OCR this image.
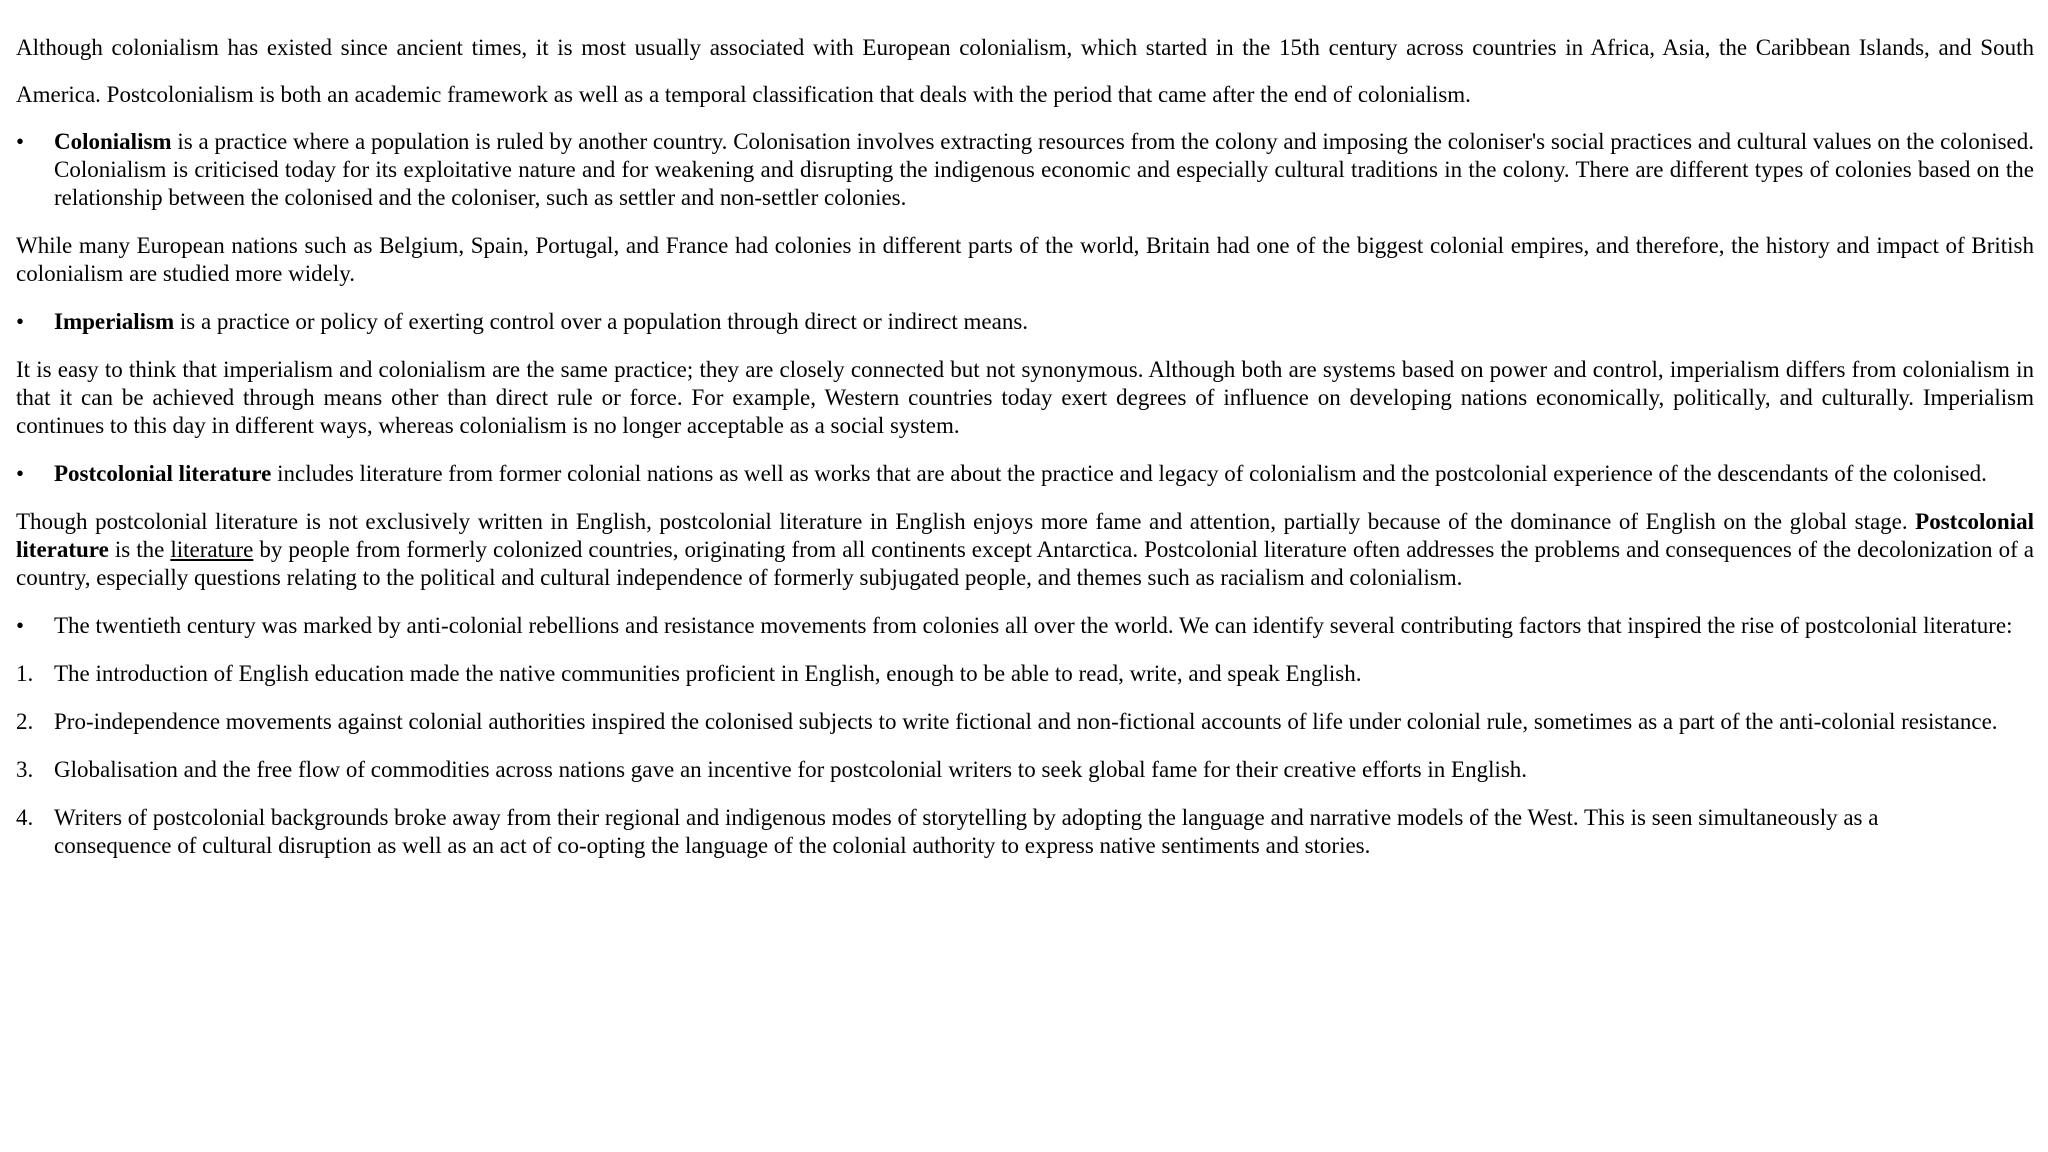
Although colonialism has existed since ancient times, it is most usually associated with European colonialism, which started in the 15th century across countries in Africa, Asia, the Caribbean Islands, and South America. Postcolonialism is both an academic framework as well as a temporal classification that deals with the period that came after the end of colonialism.
•	Colonialism is a practice where a population is ruled by another country. Colonisation involves extracting resources from the colony and imposing the coloniser's social practices and cultural values on the colonised. Colonialism is criticised today for its exploitative nature and for weakening and disrupting the indigenous economic and especially cultural traditions in the colony. There are different types of colonies based on the relationship between the colonised and the coloniser, such as settler and non-settler colonies.
While many European nations such as Belgium, Spain, Portugal, and France had colonies in different parts of the world, Britain had one of the biggest colonial empires, and therefore, the history and impact of British colonialism are studied more widely.
•	Imperialism is a practice or policy of exerting control over a population through direct or indirect means.
It is easy to think that imperialism and colonialism are the same practice; they are closely connected but not synonymous. Although both are systems based on power and control, imperialism differs from colonialism in that it can be achieved through means other than direct rule or force. For example, Western countries today exert degrees of influence on developing nations economically, politically, and culturally. Imperialism continues to this day in different ways, whereas colonialism is no longer acceptable as a social system.
•	Postcolonial literature includes literature from former colonial nations as well as works that are about the practice and legacy of colonialism and the postcolonial experience of the descendants of the colonised.
Though postcolonial literature is not exclusively written in English, postcolonial literature in English enjoys more fame and attention, partially because of the dominance of English on the global stage. Postcolonial literature is the literature by people from formerly colonized countries, originating from all continents except Antarctica. Postcolonial literature often addresses the problems and consequences of the decolonization of a country, especially questions relating to the political and cultural independence of formerly subjugated people, and themes such as racialism and colonialism.
•	The twentieth century was marked by anti-colonial rebellions and resistance movements from colonies all over the world. We can identify several contributing factors that inspired the rise of postcolonial literature:
1. The introduction of English education made the native communities proficient in English, enough to be able to read, write, and speak English.
2. Pro-independence movements against colonial authorities inspired the colonised subjects to write fictional and non-fictional accounts of life under colonial rule, sometimes as a part of the anti-colonial resistance.
3. Globalisation and the free flow of commodities across nations gave an incentive for postcolonial writers to seek global fame for their creative efforts in English.
4. Writers of postcolonial backgrounds broke away from their regional and indigenous modes of storytelling by adopting the language and narrative models of the West. This is seen simultaneously as a consequence of cultural disruption as well as an act of co-opting the language of the colonial authority to express native sentiments and stories.
